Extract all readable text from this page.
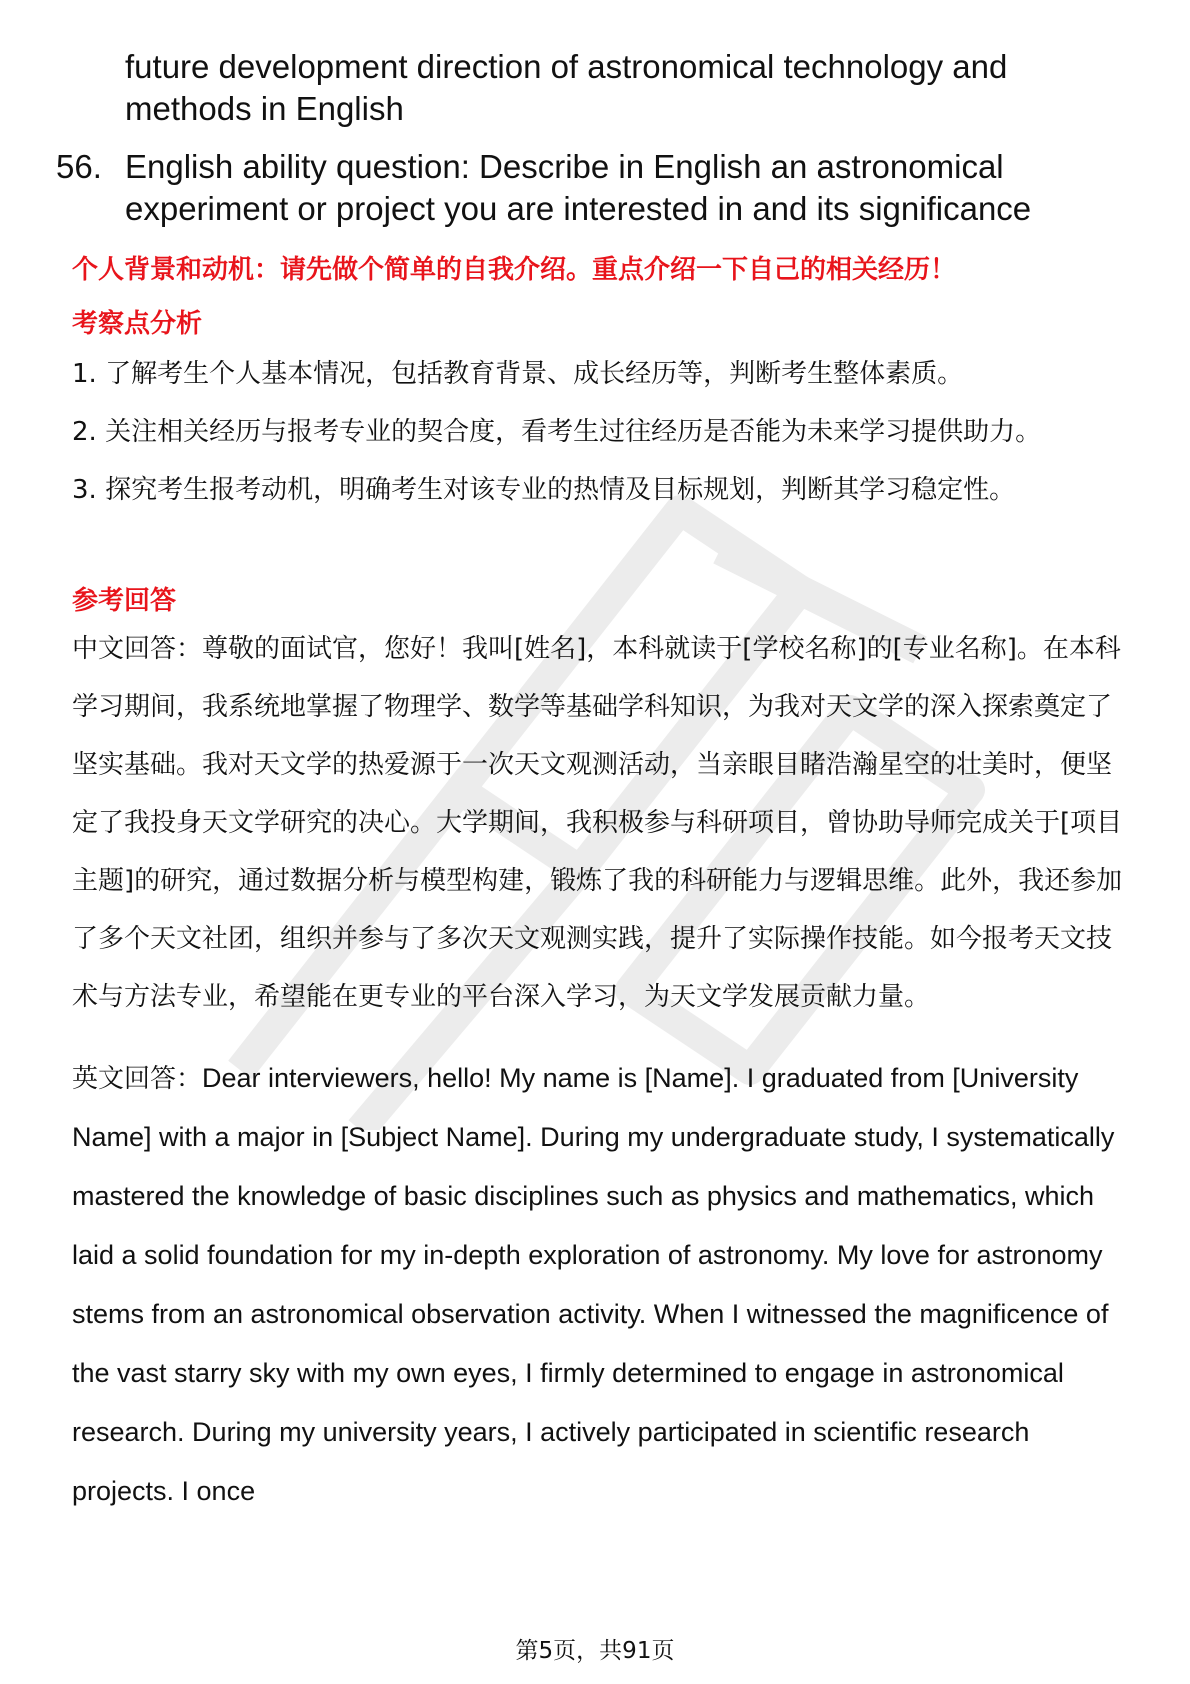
future development direction of astronomical technology and methods in English
56. English ability question: Describe in English an astronomical experiment or project you are interested in and its significance
个人背景和动机：请先做个简单的自我介绍。重点介绍一下自己的相关经历！
考察点分析
1. 了解考生个人基本情况，包括教育背景、成长经历等，判断考生整体素质。
2. 关注相关经历与报考专业的契合度，看考生过往经历是否能为未来学习提供助力。
3. 探究考生报考动机，明确考生对该专业的热情及目标规划，判断其学习稳定性。
参考回答
中文回答：尊敬的面试官，您好！我叫[姓名]，本科就读于[学校名称]的[专业名称]。在本科学习期间，我系统地掌握了物理学、数学等基础学科知识，为我对天文学的深入探索奠定了坚实基础。我对天文学的热爱源于一次天文观测活动，当亲眼目睹浩瀚星空的壮美时，便坚定了我投身天文学研究的决心。大学期间，我积极参与科研项目，曾协助导师完成关于[项目主题]的研究，通过数据分析与模型构建，锻炼了我的科研能力与逻辑思维。此外，我还参加了多个天文社团，组织并参与了多次天文观测实践，提升了实际操作技能。如今报考天文技术与方法专业，希望能在更专业的平台深入学习，为天文学发展贡献力量。
英文回答：Dear interviewers, hello! My name is [Name]. I graduated from [University Name] with a major in [Subject Name]. During my undergraduate study, I systematically mastered the knowledge of basic disciplines such as physics and mathematics, which laid a solid foundation for my in-depth exploration of astronomy. My love for astronomy stems from an astronomical observation activity. When I witnessed the magnificence of the vast starry sky with my own eyes, I firmly determined to engage in astronomical research. During my university years, I actively participated in scientific research projects. I once
第5页，共91页
